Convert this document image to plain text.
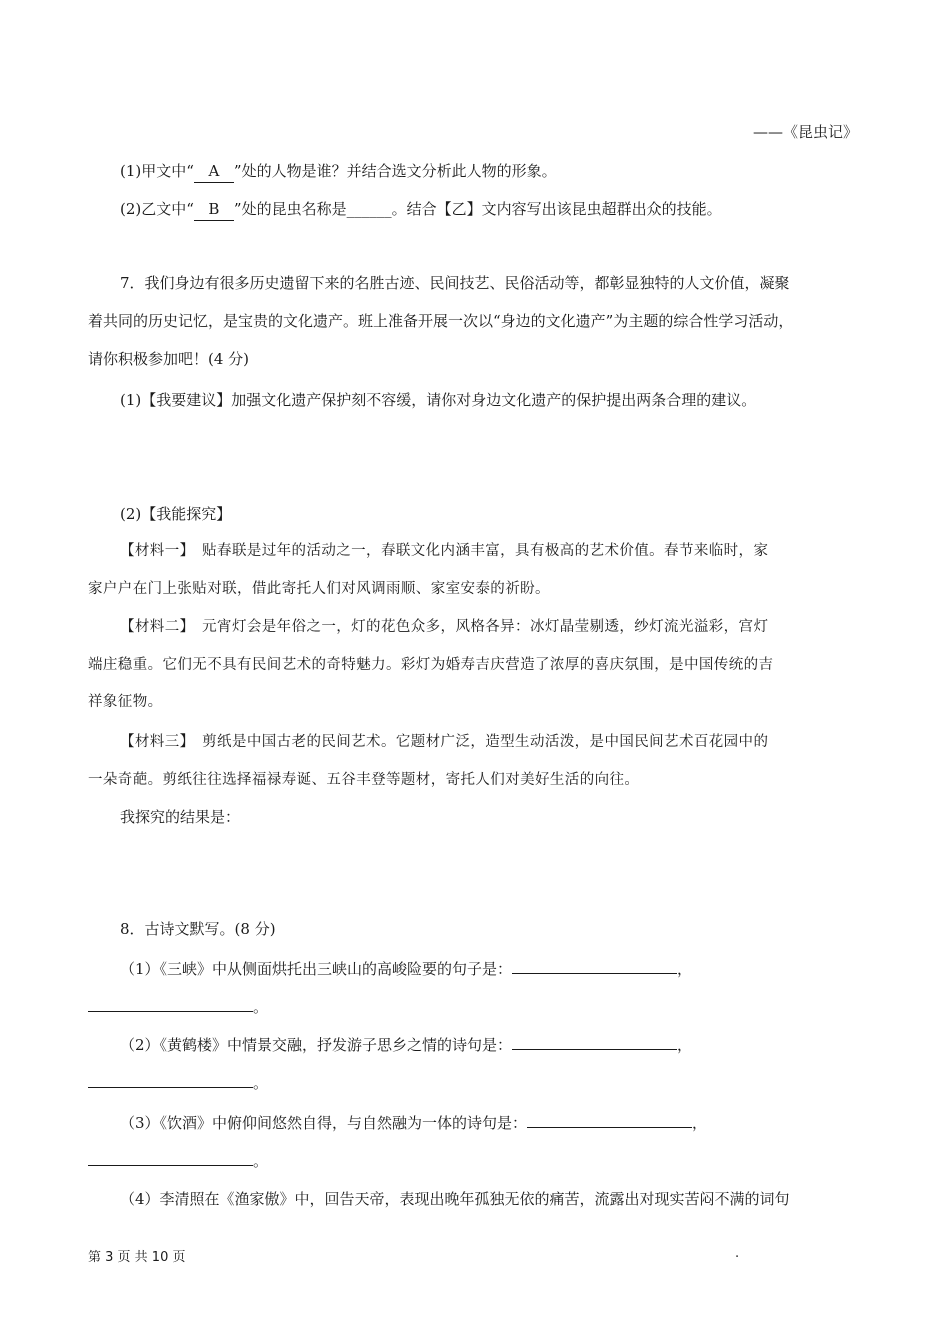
——《昆虫记》
(1)甲文中“ A ”处的人物是谁？并结合选文分析此人物的形象。
(2)乙文中“ B ”处的昆虫名称是______。结合【乙】文内容写出该昆虫超群出众的技能。
7．我们身边有很多历史遗留下来的名胜古迹、民间技艺、民俗活动等，都彰显独特的人文价值，凝聚
着共同的历史记忆，是宝贵的文化遗产。班上准备开展一次以“身边的文化遗产”为主题的综合性学习活动，
请你积极参加吧！(4 分)
(1)【我要建议】加强文化遗产保护刻不容缓，请你对身边文化遗产的保护提出两条合理的建议。
(2)【我能探究】
【材料一】　贴春联是过年的活动之一，春联文化内涵丰富，具有极高的艺术价值。春节来临时，家
家户户在门上张贴对联，借此寄托人们对风调雨顺、家室安泰的祈盼。
【材料二】　元宵灯会是年俗之一，灯的花色众多，风格各异：冰灯晶莹剔透，纱灯流光溢彩，宫灯
端庄稳重。它们无不具有民间艺术的奇特魅力。彩灯为婚寿吉庆营造了浓厚的喜庆氛围，是中国传统的吉
祥象征物。
【材料三】　剪纸是中国古老的民间艺术。它题材广泛，造型生动活泼，是中国民间艺术百花园中的
一朵奇葩。剪纸往往选择福禄寿诞、五谷丰登等题材，寄托人们对美好生活的向往。
我探究的结果是：
8．古诗文默写。(8 分)
（1）《三峡》中从侧面烘托出三峡山的高峻险要的句子是：	，
。
（2）《黄鹤楼》中情景交融，抒发游子思乡之情的诗句是：	，
。
（3）《饮酒》中俯仰间悠然自得，与自然融为一体的诗句是：	，
。
（4）李清照在《渔家傲》中，回告天帝，表现出晚年孤独无依的痛苦，流露出对现实苦闷不满的词句
第 3 页 共 10 页	.
